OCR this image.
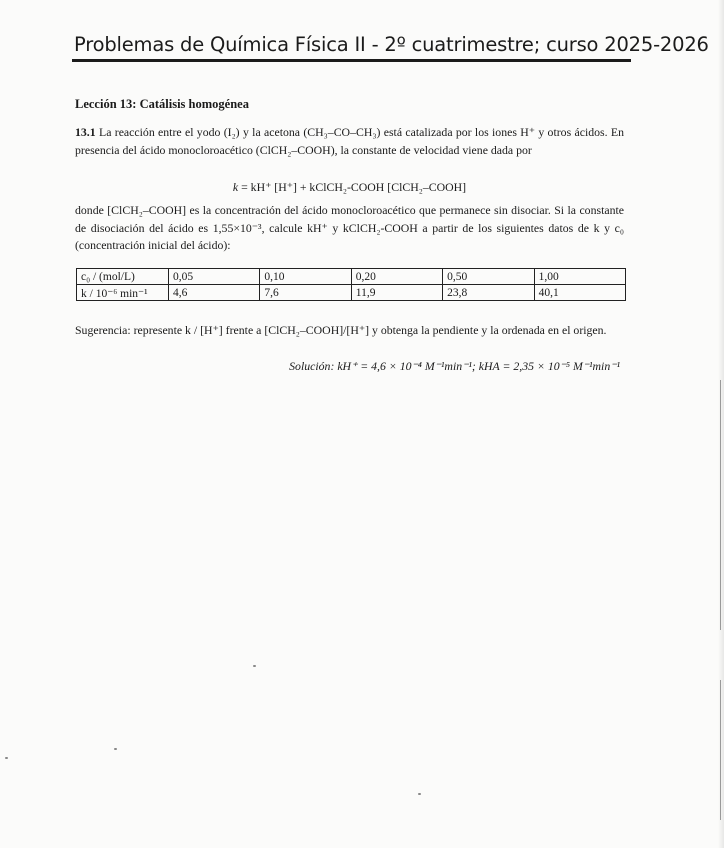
Problemas de Química Física II - 2º cuatrimestre; curso 2025-2026
Lección 13: Catálisis homogénea
13.1 La reacción entre el yodo (I₂) y la acetona (CH₃–CO–CH₃) está catalizada por los iones H⁺ y otros ácidos. En presencia del ácido monocloroacético (ClCH₂–COOH), la constante de velocidad viene dada por
k = kH⁺ [H⁺] + kClCH₂-COOH [ClCH₂–COOH]
donde [ClCH₂–COOH] es la concentración del ácido monocloroacético que permanece sin disociar. Si la constante de disociación del ácido es 1,55×10⁻³, calcule kH⁺ y kClCH₂-COOH a partir de los siguientes datos de k y c₀ (concentración inicial del ácido):
c₀ / (mol/L)	0,05	0,10	0,20	0,50	1,00
k / 10⁻⁶ min⁻¹	4,6	7,6	11,9	23,8	40,1
Sugerencia: represente k / [H⁺] frente a [ClCH₂–COOH]/[H⁺] y obtenga la pendiente y la ordenada en el origen.
Solución: kH⁺ = 4,6 × 10⁻⁴ M⁻¹min⁻¹; kHA = 2,35 × 10⁻⁵ M⁻¹min⁻¹
